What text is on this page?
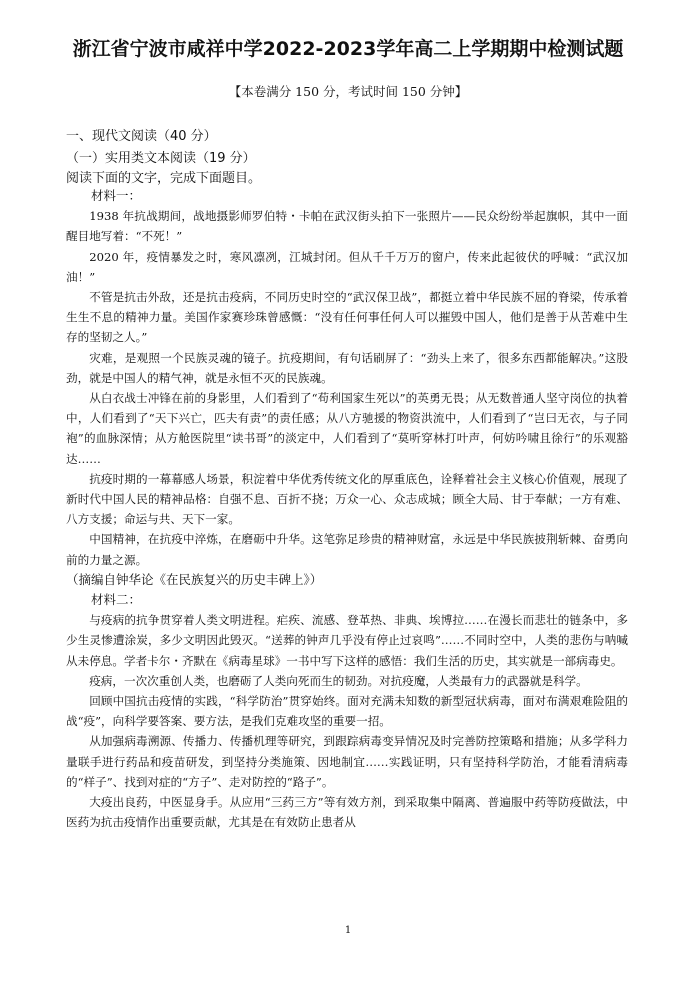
浙江省宁波市咸祥中学2022-2023学年高二上学期期中检测试题
【本卷满分 150 分，考试时间 150 分钟】
一、现代文阅读（40 分）
（一）实用类文本阅读（19 分）
阅读下面的文字，完成下面题目。

材料一：

1938 年抗战期间，战地摄影师罗伯特・卡帕在武汉街头拍下一张照片——民众纷纷举起旗帜，其中一面醒目地写着：“不死！”

2020 年，疫情暴发之时，寒风凛冽，江城封闭。但从千千万万的窗户，传来此起彼伏的呼喊：“武汉加油！”

不管是抗击外敌，还是抗击疫病，不同历史时空的“武汉保卫战”，都挺立着中华民族不屈的脊梁，传承着生生不息的精神力量。美国作家赛珍珠曾感慨：“没有任何事任何人可以摧毁中国人，他们是善于从苦难中生存的坚韧之人。”

灾难，是观照一个民族灵魂的镜子。抗疫期间，有句话刷屏了：“劲头上来了，很多东西都能解决。”这股劲，就是中国人的精气神，就是永恒不灭的民族魂。

从白衣战士冲锋在前的身影里，人们看到了“苟利国家生死以”的英勇无畏；从无数普通人坚守岗位的执着中，人们看到了“天下兴亡，匹夫有责”的责任感；从八方驰援的物资洪流中，人们看到了“岂曰无衣，与子同袍”的血脉深情；从方舱医院里“读书哥”的淡定中，人们看到了“莫听穿林打叶声，何妨吟啸且徐行”的乐观豁达……

抗疫时期的一幕幕感人场景，积淀着中华优秀传统文化的厚重底色，诠释着社会主义核心价值观，展现了新时代中国人民的精神品格：自强不息、百折不挠；万众一心、众志成城；顾全大局、甘于奉献；一方有难、八方支援；命运与共、天下一家。

中国精神，在抗疫中淬炼，在磨砺中升华。这笔弥足珍贵的精神财富，永远是中华民族披荆斩棘、奋勇向前的力量之源。

（摘编自钟华论《在民族复兴的历史丰碑上》）

材料二：

与疫病的抗争贯穿着人类文明进程。疟疾、流感、登革热、非典、埃博拉……在漫长而悲壮的链条中，多少生灵惨遭涂炭，多少文明因此毁灭。“送葬的钟声几乎没有停止过哀鸣”……不同时空中，人类的悲伤与呐喊从未停息。学者卡尔・齐默在《病毒星球》一书中写下这样的感悟：我们生活的历史，其实就是一部病毒史。

疫病，一次次重创人类，也磨砺了人类向死而生的韧劲。对抗疫魔，人类最有力的武器就是科学。

回顾中国抗击疫情的实践，“科学防治”贯穿始终。面对充满未知数的新型冠状病毒，面对布满艰难险阻的战“疫”，向科学要答案、要方法，是我们克难攻坚的重要一招。

从加强病毒溯源、传播力、传播机理等研究，到跟踪病毒变异情况及时完善防控策略和措施；从多学科力量联手进行药品和疫苗研发，到坚持分类施策、因地制宜……实践证明，只有坚持科学防治，才能看清病毒的“样子”、找到对症的“方子”、走对防控的“路子”。

大疫出良药，中医显身手。从应用“三药三方”等有效方剂，到采取集中隔离、普遍服中药等防疫做法，中医药为抗击疫情作出重要贡献，尤其是在有效防止患者从

1
